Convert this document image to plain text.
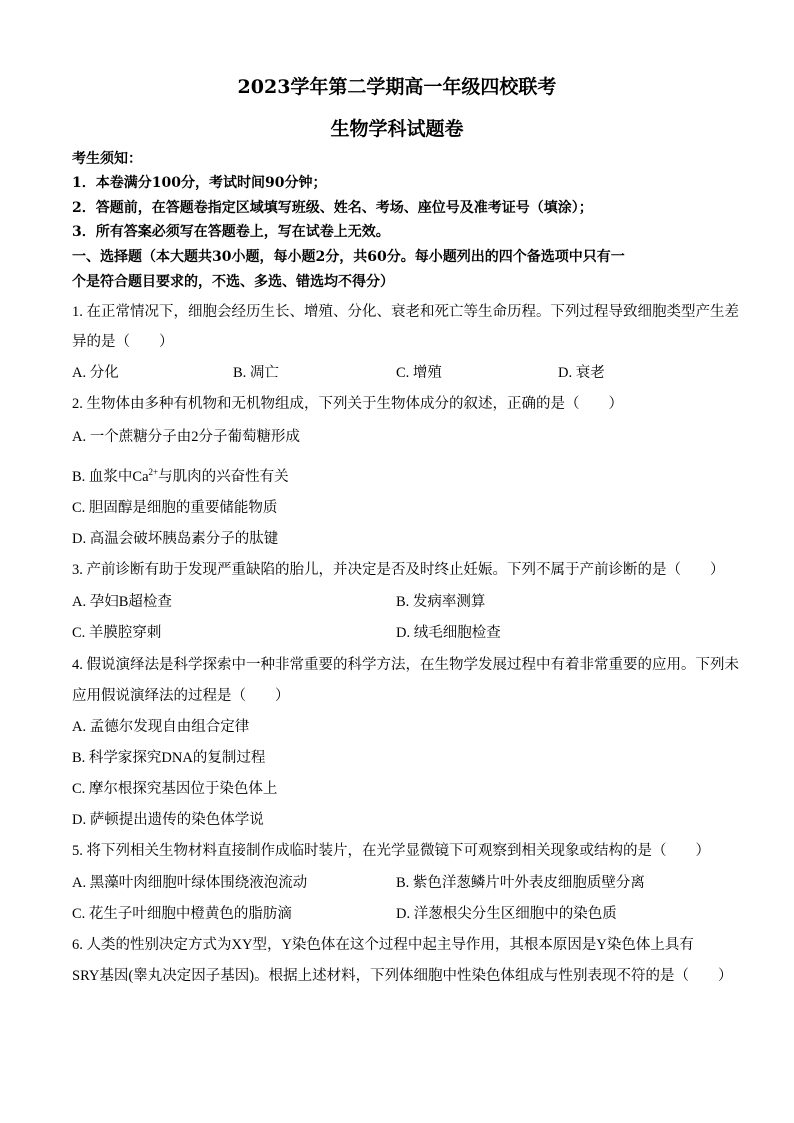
2023学年第二学期高一年级四校联考
生物学科试题卷
考生须知：
1．本卷满分100分，考试时间90分钟；
2．答题前，在答题卷指定区域填写班级、姓名、考场、座位号及准考证号（填涂）；
3．所有答案必须写在答题卷上，写在试卷上无效。
一、选择题（本大题共30小题，每小题2分，共60分。每小题列出的四个备选项中只有一
个是符合题目要求的，不选、多选、错选均不得分）
1. 在正常情况下，细胞会经历生长、增殖、分化、衰老和死亡等生命历程。下列过程导致细胞类型产生差
异的是（　　）
A. 分化	B. 凋亡	C. 增殖	D. 衰老
2. 生物体由多种有机物和无机物组成，下列关于生物体成分的叙述，正确的是（　　）
A. 一个蔗糖分子由2分子葡萄糖形成
B. 血浆中$Ca^{2+}$与肌肉的兴奋性有关
C. 胆固醇是细胞的重要储能物质
D. 高温会破坏胰岛素分子的肽键
3. 产前诊断有助于发现严重缺陷的胎儿，并决定是否及时终止妊娠。下列不属于产前诊断的是（　　）
A. 孕妇B超检查	B. 发病率测算
C. 羊膜腔穿刺	D. 绒毛细胞检查
4. 假说演绎法是科学探索中一种非常重要的科学方法，在生物学发展过程中有着非常重要的应用。下列未
应用假说演绎法的过程是（　　）
A. 孟德尔发现自由组合定律
B. 科学家探究DNA的复制过程
C. 摩尔根探究基因位于染色体上
D. 萨顿提出遗传的染色体学说
5. 将下列相关生物材料直接制作成临时装片，在光学显微镜下可观察到相关现象或结构的是（　　）
A. 黑藻叶肉细胞叶绿体围绕液泡流动	B. 紫色洋葱鳞片叶外表皮细胞质壁分离
C. 花生子叶细胞中橙黄色的脂肪滴	D. 洋葱根尖分生区细胞中的染色质
6. 人类的性别决定方式为XY型，Y染色体在这个过程中起主导作用，其根本原因是Y染色体上具有
SRY基因(睾丸决定因子基因)。根据上述材料，下列体细胞中性染色体组成与性别表现不符的是（　　）
